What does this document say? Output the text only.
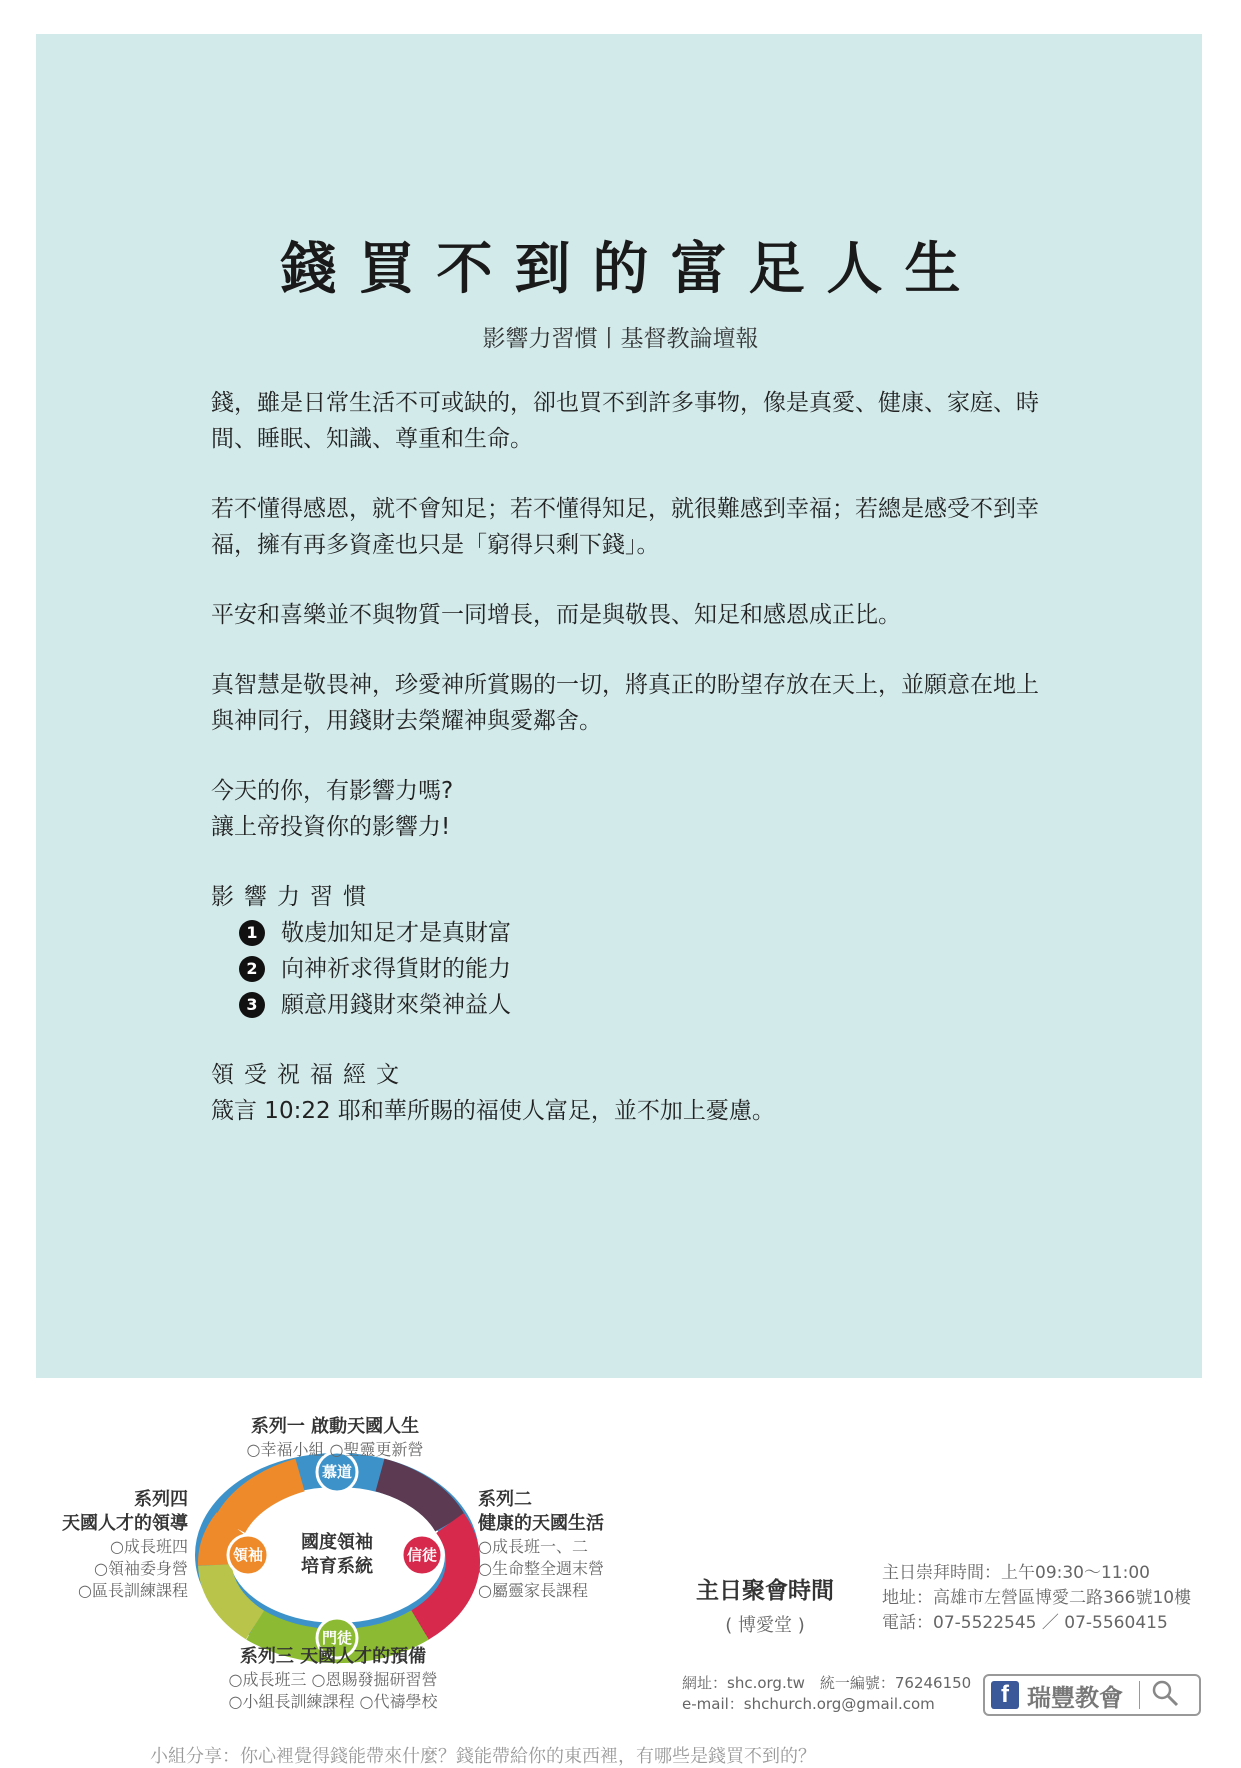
錢買不到的富足人生
影響力習慣丨基督教論壇報

錢，雖是日常生活不可或缺的，卻也買不到許多事物，像是真愛、健康、家庭、時間、睡眠、知識、尊重和生命。

若不懂得感恩，就不會知足；若不懂得知足，就很難感到幸福；若總是感受不到幸福，擁有再多資產也只是「窮得只剩下錢」。

平安和喜樂並不與物質一同增長，而是與敬畏、知足和感恩成正比。

真智慧是敬畏神，珍愛神所賞賜的一切，將真正的盼望存放在天上，並願意在地上與神同行，用錢財去榮耀神與愛鄰舍。

今天的你，有影響力嗎?
讓上帝投資你的影響力!

影響力習慣
1	敬虔加知足才是真財富
2	向神祈求得貨財的能力
3	願意用錢財來榮神益人
領受祝福經文
箴言 10:22 耶和華所賜的福使人富足，並不加上憂慮。
慕道
信徒
門徒
領袖
國度領袖
培育系統
系列一 啟動天國人生
○幸福小組 ○聖靈更新營
系列二
健康的天國生活
○成長班一、二
○生命整全週末營
○屬靈家長課程
系列三 天國人才的預備
○成長班三 ○恩賜發掘研習營
○小組長訓練課程 ○代禱學校
系列四
天國人才的領導
○成長班四
○領袖委身營
○區長訓練課程	主日聚會時間
( 博愛堂 )
主日崇拜時間：上午09:30～11:00
地址：高雄市左營區博愛二路366號10樓
電話：07-5522545 ／ 07-5560415
網址：shc.org.tw　統一編號：76246150
e-mail：shchurch.org@gmail.com	f 瑞豐教會
小組分享：你心裡覺得錢能帶來什麼？錢能帶給你的東西裡，有哪些是錢買不到的？
